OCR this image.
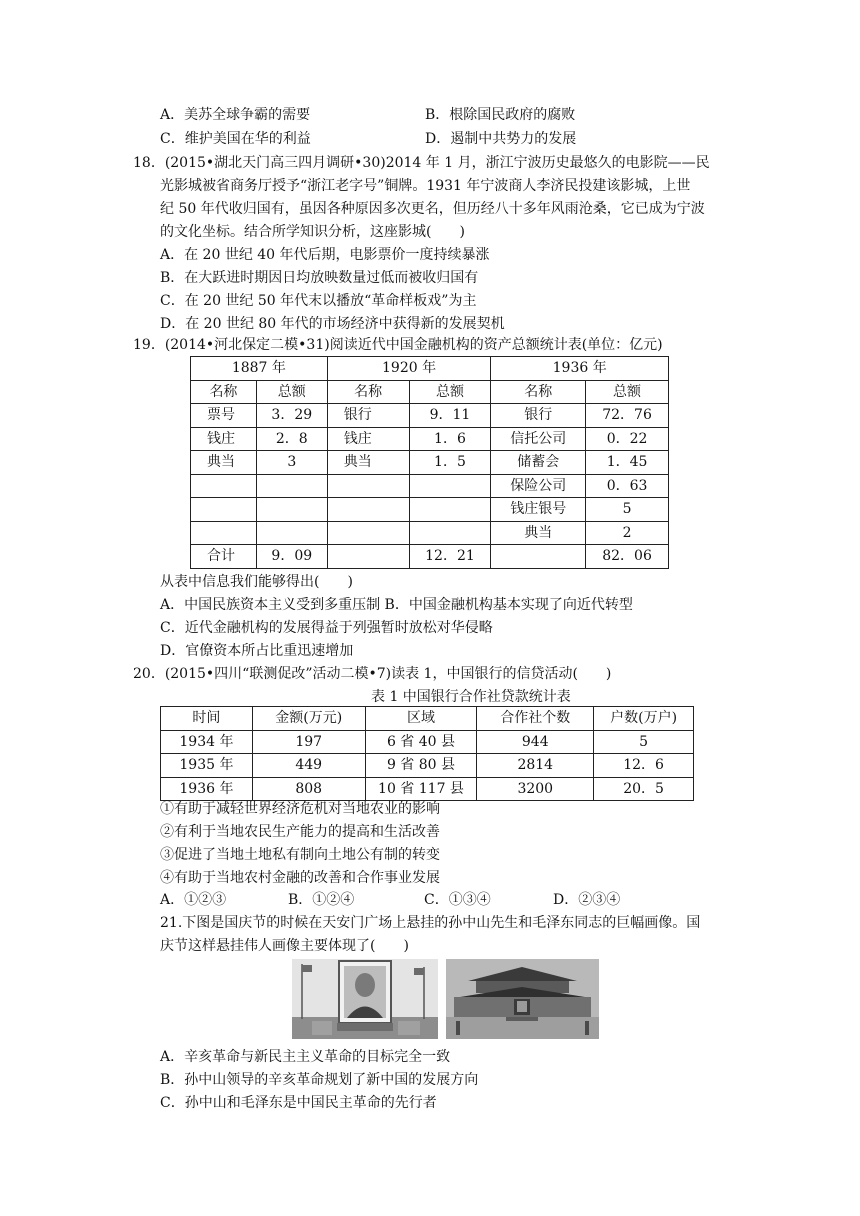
A．美苏全球争霸的需要	B．根除国民政府的腐败
C．维护美国在华的利益	D．遏制中共势力的发展
18．(2015•湖北天门高三四月调研•30)2014 年 1 月，浙江宁波历史最悠久的电影院——民
光影城被省商务厅授予“浙江老字号”铜牌。1931 年宁波商人李济民投建该影城，上世
纪 50 年代收归国有，虽因各种原因多次更名，但历经八十多年风雨沧桑，它已成为宁波
的文化坐标。结合所学知识分析，这座影城(　　)
A．在 20 世纪 40 年代后期，电影票价一度持续暴涨
B．在大跃进时期因日均放映数量过低而被收归国有
C．在 20 世纪 50 年代末以播放“革命样板戏”为主
D．在 20 世纪 80 年代的市场经济中获得新的发展契机
19．(2014•河北保定二模•31)阅读近代中国金融机构的资产总额统计表(单位：亿元)
1887 年		1920 年		1936 年	
名称	总额	名称	总额	名称	总额
票号	3．29	银行	9．11	银行	72．76
钱庄	2．8	钱庄	1．6	信托公司	0．22
典当	3	典当	1．5	储蓄会	1．45
				保险公司	0．63
				钱庄银号	5
				典当	2
合计	9．09		12．21		82．06
从表中信息我们能够得出(　　)
A．中国民族资本主义受到多重压制 B．中国金融机构基本实现了向近代转型
C．近代金融机构的发展得益于列强暂时放松对华侵略
D．官僚资本所占比重迅速增加
20．(2015•四川“联测促改”活动二模•7)读表 1，中国银行的信贷活动(　　)
表 1 中国银行合作社贷款统计表
时间	金额(万元)	区域	合作社个数	户数(万户)
1934 年	197	6 省 40 县	944	5
1935 年	449	9 省 80 县	2814	12．6
1936 年	808	10 省 117 县	3200	20．5
①有助于减轻世界经济危机对当地农业的影响
②有利于当地农民生产能力的提高和生活改善
③促进了当地土地私有制向土地公有制的转变
④有助于当地农村金融的改善和合作事业发展
A．①②③	B．①②④	C．①③④	D．②③④
21.下图是国庆节的时候在天安门广场上悬挂的孙中山先生和毛泽东同志的巨幅画像。国
庆节这样悬挂伟人画像主要体现了(　　)
A．辛亥革命与新民主主义革命的目标完全一致
B．孙中山领导的辛亥革命规划了新中国的发展方向
C．孙中山和毛泽东是中国民主革命的先行者
